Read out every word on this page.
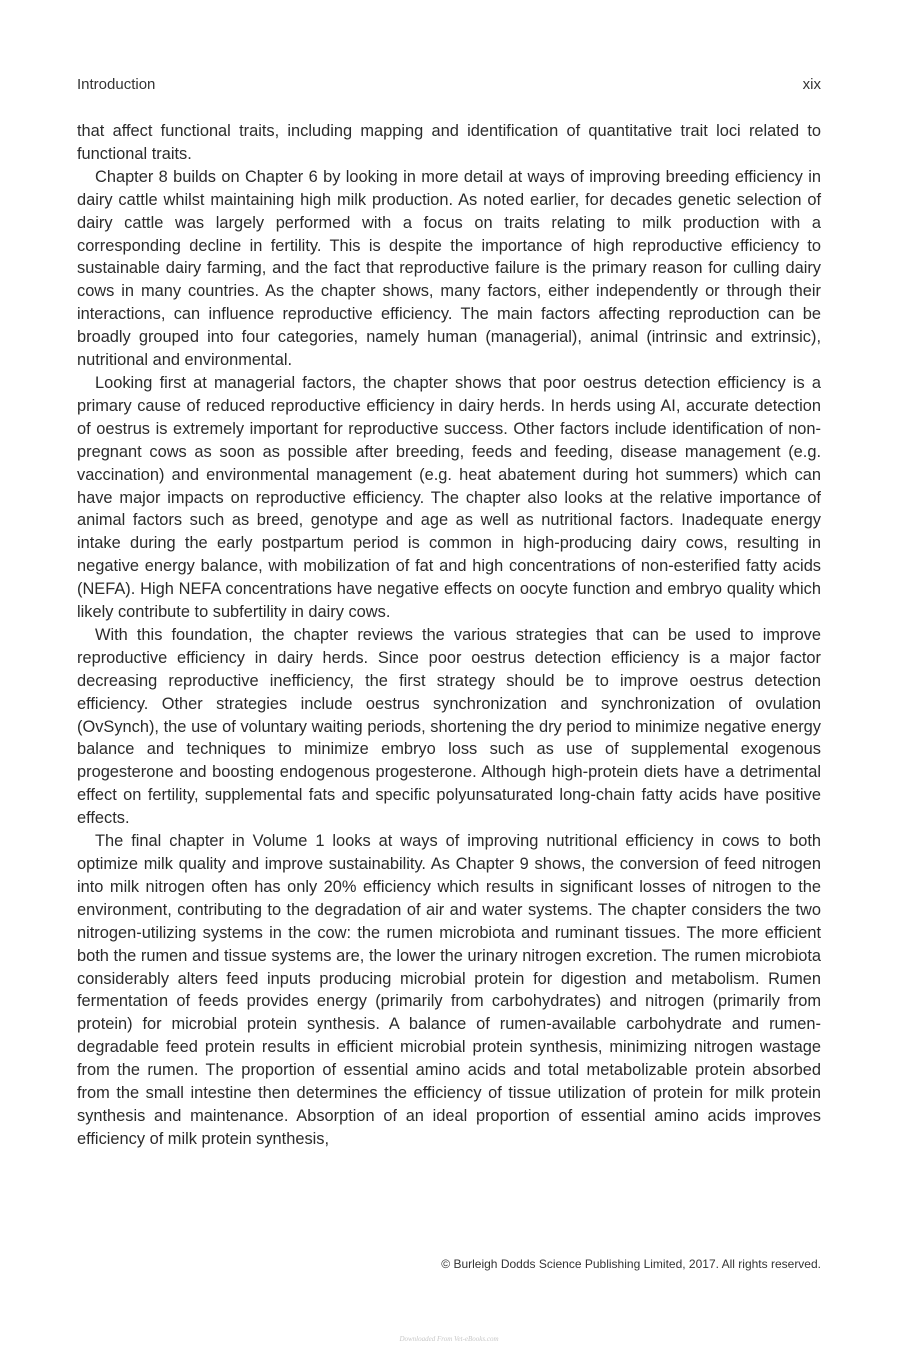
Introduction	xix

that affect functional traits, including mapping and identification of quantitative trait loci related to functional traits.

Chapter 8 builds on Chapter 6 by looking in more detail at ways of improving breeding efficiency in dairy cattle whilst maintaining high milk production. As noted earlier, for decades genetic selection of dairy cattle was largely performed with a focus on traits relating to milk production with a corresponding decline in fertility. This is despite the importance of high reproductive efficiency to sustainable dairy farming, and the fact that reproductive failure is the primary reason for culling dairy cows in many countries. As the chapter shows, many factors, either independently or through their interactions, can influence reproductive efficiency. The main factors affecting reproduction can be broadly grouped into four categories, namely human (managerial), animal (intrinsic and extrinsic), nutritional and environmental.

Looking first at managerial factors, the chapter shows that poor oestrus detection efficiency is a primary cause of reduced reproductive efficiency in dairy herds. In herds using AI, accurate detection of oestrus is extremely important for reproductive success. Other factors include identification of non-pregnant cows as soon as possible after breeding, feeds and feeding, disease management (e.g. vaccination) and environmental management (e.g. heat abatement during hot summers) which can have major impacts on reproductive efficiency. The chapter also looks at the relative importance of animal factors such as breed, genotype and age as well as nutritional factors. Inadequate energy intake during the early postpartum period is common in high-producing dairy cows, resulting in negative energy balance, with mobilization of fat and high concentrations of non-esterified fatty acids (NEFA). High NEFA concentrations have negative effects on oocyte function and embryo quality which likely contribute to subfertility in dairy cows.

With this foundation, the chapter reviews the various strategies that can be used to improve reproductive efficiency in dairy herds. Since poor oestrus detection efficiency is a major factor decreasing reproductive inefficiency, the first strategy should be to improve oestrus detection efficiency. Other strategies include oestrus synchronization and synchronization of ovulation (OvSynch), the use of voluntary waiting periods, shortening the dry period to minimize negative energy balance and techniques to minimize embryo loss such as use of supplemental exogenous progesterone and boosting endogenous progesterone. Although high-protein diets have a detrimental effect on fertility, supplemental fats and specific polyunsaturated long-chain fatty acids have positive effects.

The final chapter in Volume 1 looks at ways of improving nutritional efficiency in cows to both optimize milk quality and improve sustainability. As Chapter 9 shows, the conversion of feed nitrogen into milk nitrogen often has only 20% efficiency which results in significant losses of nitrogen to the environment, contributing to the degradation of air and water systems. The chapter considers the two nitrogen-utilizing systems in the cow: the rumen microbiota and ruminant tissues. The more efficient both the rumen and tissue systems are, the lower the urinary nitrogen excretion. The rumen microbiota considerably alters feed inputs producing microbial protein for digestion and metabolism. Rumen fermentation of feeds provides energy (primarily from carbohydrates) and nitrogen (primarily from protein) for microbial protein synthesis. A balance of rumen-available carbohydrate and rumen-degradable feed protein results in efficient microbial protein synthesis, minimizing nitrogen wastage from the rumen. The proportion of essential amino acids and total metabolizable protein absorbed from the small intestine then determines the efficiency of tissue utilization of protein for milk protein synthesis and maintenance. Absorption of an ideal proportion of essential amino acids improves efficiency of milk protein synthesis,

© Burleigh Dodds Science Publishing Limited, 2017. All rights reserved.
Downloaded From Vet-eBooks.com
